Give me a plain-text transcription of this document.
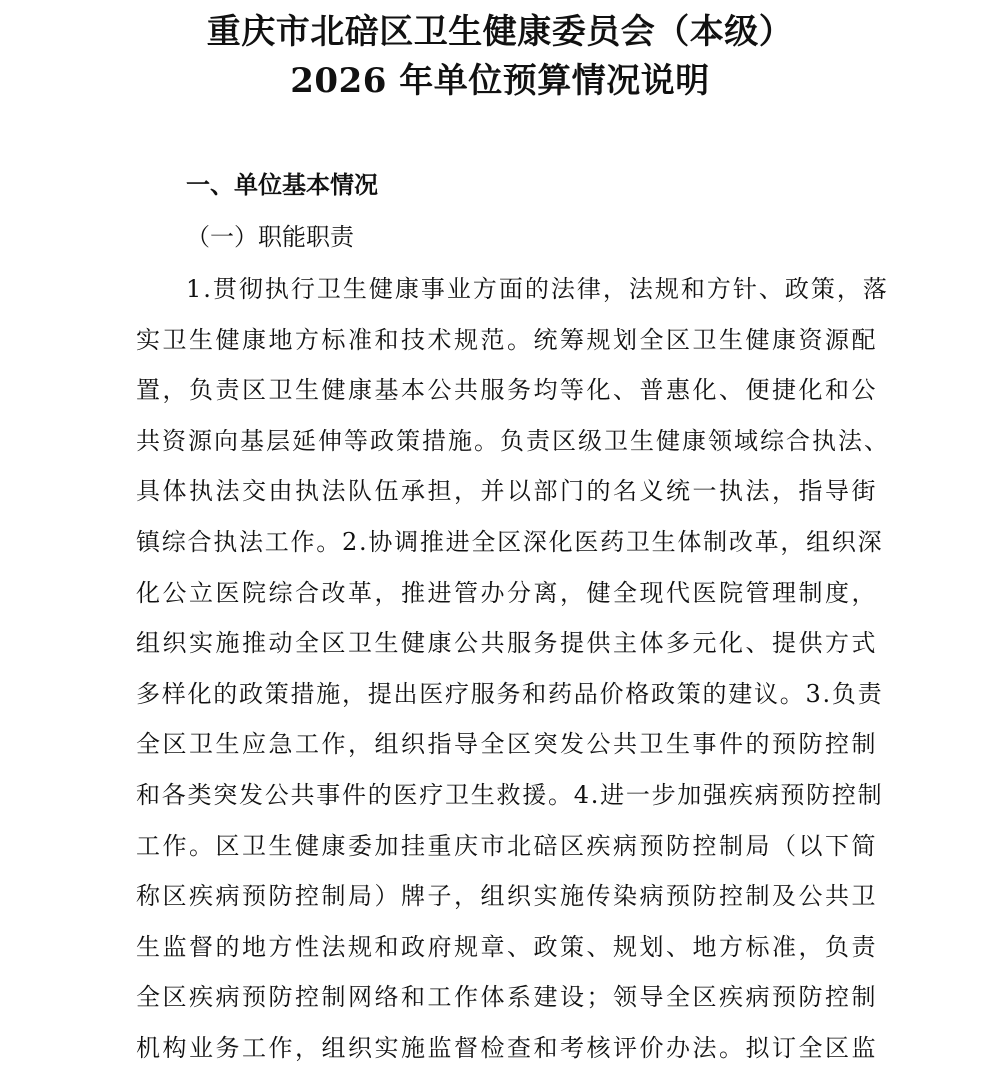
重庆市北碚区卫生健康委员会（本级）
2026 年单位预算情况说明
一、单位基本情况
（一）职能职责
1.贯彻执行卫生健康事业方面的法律，法规和方针、政策，落
实卫生健康地方标准和技术规范。统筹规划全区卫生健康资源配
置，负责区卫生健康基本公共服务均等化、普惠化、便捷化和公
共资源向基层延伸等政策措施。负责区级卫生健康领域综合执法、
具体执法交由执法队伍承担，并以部门的名义统一执法，指导街
镇综合执法工作。2.协调推进全区深化医药卫生体制改革，组织深
化公立医院综合改革，推进管办分离，健全现代医院管理制度，
组织实施推动全区卫生健康公共服务提供主体多元化、提供方式
多样化的政策措施，提出医疗服务和药品价格政策的建议。3.负责
全区卫生应急工作，组织指导全区突发公共卫生事件的预防控制
和各类突发公共事件的医疗卫生救援。4.进一步加强疾病预防控制
工作。区卫生健康委加挂重庆市北碚区疾病预防控制局（以下简
称区疾病预防控制局）牌子，组织实施传染病预防控制及公共卫
生监督的地方性法规和政府规章、政策、规划、地方标准，负责
全区疾病预防控制网络和工作体系建设；领导全区疾病预防控制
机构业务工作，组织实施监督检查和考核评价办法。拟订全区监
